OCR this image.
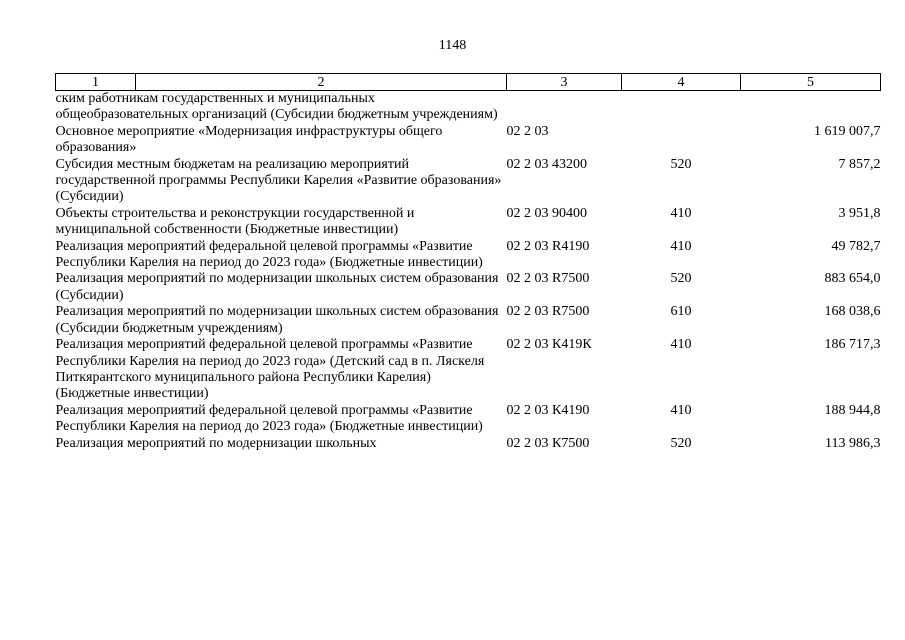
1148
1	2	3	4	5
ским работникам государственных и муниципальных общеобразовательных организаций (Субсидии бюджетным учреждениям)				
Основное мероприятие «Модернизация инфраструктуры общего образования»		02 2 03		1 619 007,7
Субсидия местным бюджетам на реализацию мероприятий государственной программы Республики Карелия «Развитие образования» (Субсидии)		02 2 03 43200	520	7 857,2
Объекты строительства и реконструкции государственной и муниципальной собственности (Бюджетные инвестиции)		02 2 03 90400	410	3 951,8
Реализация мероприятий федеральной целевой программы «Развитие Республики Карелия на период до 2023 года» (Бюджетные инвестиции)		02 2 03 R4190	410	49 782,7
Реализация мероприятий по модернизации школьных систем образования (Субсидии)		02 2 03 R7500	520	883 654,0
Реализация мероприятий по модернизации школьных систем образования (Субсидии бюджетным учреждениям)		02 2 03 R7500	610	168 038,6
Реализация мероприятий федеральной целевой программы «Развитие Республики Карелия на период до 2023 года» (Детский сад в п. Ляскеля Питкярантского муниципального района Республики Карелия) (Бюджетные инвестиции)		02 2 03 К419К	410	186 717,3
Реализация мероприятий федеральной целевой программы «Развитие Республики Карелия на период до 2023 года» (Бюджетные инвестиции)		02 2 03 К4190	410	188 944,8
Реализация мероприятий по модернизации школьных		02 2 03 К7500	520	113 986,3
